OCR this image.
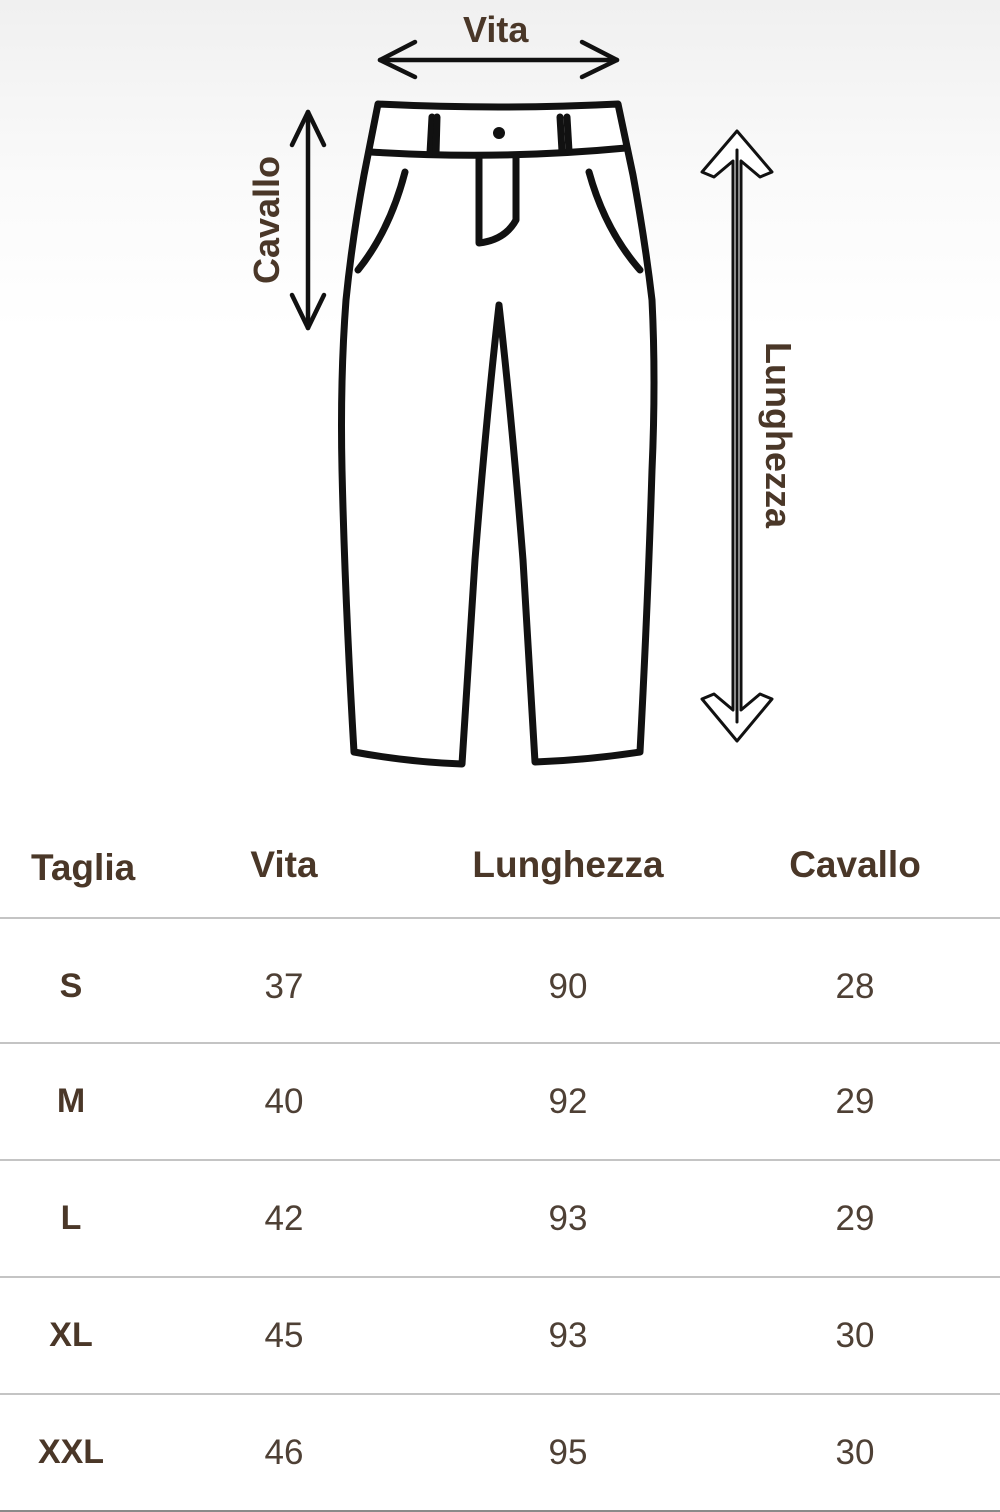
Vita
Cavallo
Lunghezza
Taglia	Vita	Lunghezza	Cavallo
S	37	90	28
M	40	92	29
L	42	93	29
XL	45	93	30
XXL	46	95	30
